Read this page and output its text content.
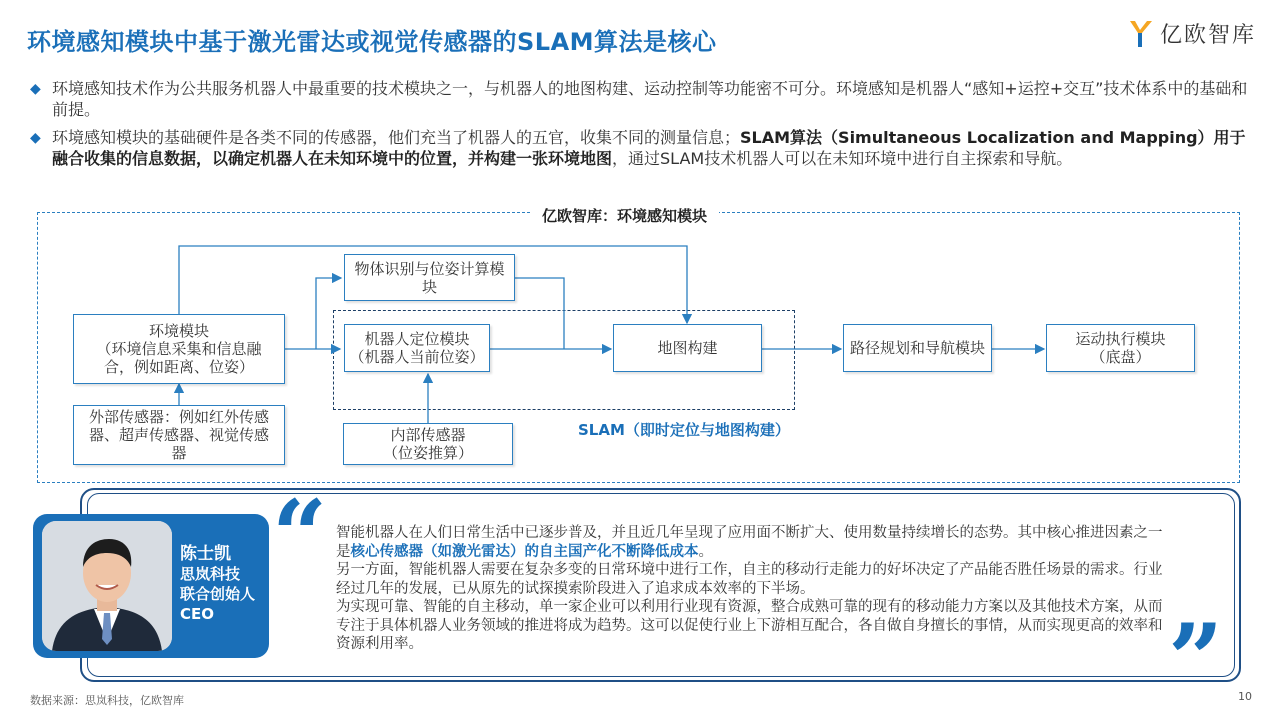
环境感知模块中基于激光雷达或视觉传感器的SLAM算法是核心	亿欧智库
◆ 环境感知技术作为公共服务机器人中最重要的技术模块之一，与机器人的地图构建、运动控制等功能密不可分。环境感知是机器人“感知+运控+交互”技术体系中的基础和前提。
◆ 环境感知模块的基础硬件是各类不同的传感器，他们充当了机器人的五官，收集不同的测量信息；SLAM算法（Simultaneous Localization and Mapping）用于融合收集的信息数据，以确定机器人在未知环境中的位置，并构建一张环境地图，通过SLAM技术机器人可以在未知环境中进行自主探索和导航。
亿欧智库：环境感知模块
环境模块
（环境信息采集和信息融合，例如距离、位姿）
外部传感器：例如红外传感器、超声传感器、视觉传感器
物体识别与位姿计算模块
机器人定位模块
（机器人当前位姿）
内部传感器
（位姿推算）
地图构建	路径规划和导航模块	运动执行模块
（底盘）
SLAM（即时定位与地图构建）
陈士凯
思岚科技
联合创始人
CEO
“
”

智能机器人在人们日常生活中已逐步普及，并且近几年呈现了应用面不断扩大、使用数量持续增长的态势。其中核心推进因素之一是核心传感器（如激光雷达）的自主国产化不断降低成本。

另一方面，智能机器人需要在复杂多变的日常环境中进行工作，自主的移动行走能力的好坏决定了产品能否胜任场景的需求。行业经过几年的发展，已从原先的试探摸索阶段进入了追求成本效率的下半场。

为实现可靠、智能的自主移动，单一家企业可以利用行业现有资源，整合成熟可靠的现有的移动能力方案以及其他技术方案，从而专注于具体机器人业务领域的推进将成为趋势。这可以促使行业上下游相互配合，各自做自身擅长的事情，从而实现更高的效率和资源利用率。

数据来源：思岚科技，亿欧智库	10
